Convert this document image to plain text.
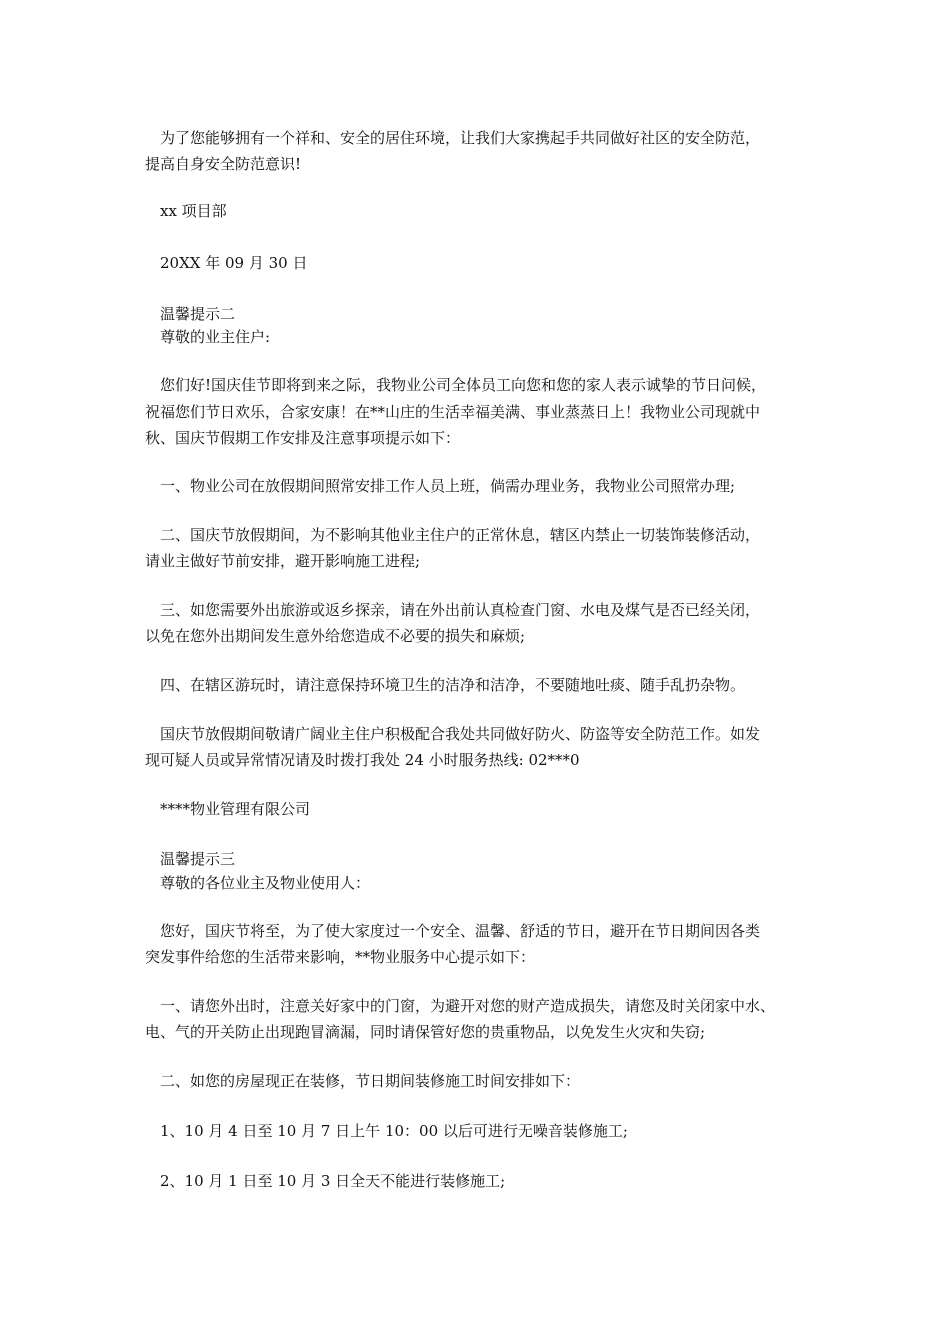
为了您能够拥有一个祥和、安全的居住环境，让我们大家携起手共同做好社区的安全防范，
提高自身安全防范意识!
xx 项目部
20XX 年 09 月 30 日
温馨提示二
尊敬的业主住户:
您们好!国庆佳节即将到来之际，我物业公司全体员工向您和您的家人表示诚挚的节日问候，
祝福您们节日欢乐，合家安康！在**山庄的生活幸福美满、事业蒸蒸日上！我物业公司现就中
秋、国庆节假期工作安排及注意事项提示如下：
一、物业公司在放假期间照常安排工作人员上班，倘需办理业务，我物业公司照常办理;
二、国庆节放假期间，为不影响其他业主住户的正常休息，辖区内禁止一切装饰装修活动，
请业主做好节前安排，避开影响施工进程;
三、如您需要外出旅游或返乡探亲，请在外出前认真检查门窗、水电及煤气是否已经关闭，
以免在您外出期间发生意外给您造成不必要的损失和麻烦;
四、在辖区游玩时，请注意保持环境卫生的洁净和洁净，不要随地吐痰、随手乱扔杂物。
国庆节放假期间敬请广阔业主住户积极配合我处共同做好防火、防盗等安全防范工作。如发
现可疑人员或异常情况请及时拨打我处 24 小时服务热线: 02***0
****物业管理有限公司
温馨提示三
尊敬的各位业主及物业使用人：
您好，国庆节将至，为了使大家度过一个安全、温馨、舒适的节日，避开在节日期间因各类
突发事件给您的生活带来影响，**物业服务中心提示如下：
一、请您外出时，注意关好家中的门窗，为避开对您的财产造成损失，请您及时关闭家中水、
电、气的开关防止出现跑冒滴漏，同时请保管好您的贵重物品，以免发生火灾和失窃;
二、如您的房屋现正在装修，节日期间装修施工时间安排如下：
1、10 月 4 日至 10 月 7 日上午 10：00 以后可进行无噪音装修施工;
2、10 月 1 日至 10 月 3 日全天不能进行装修施工;
